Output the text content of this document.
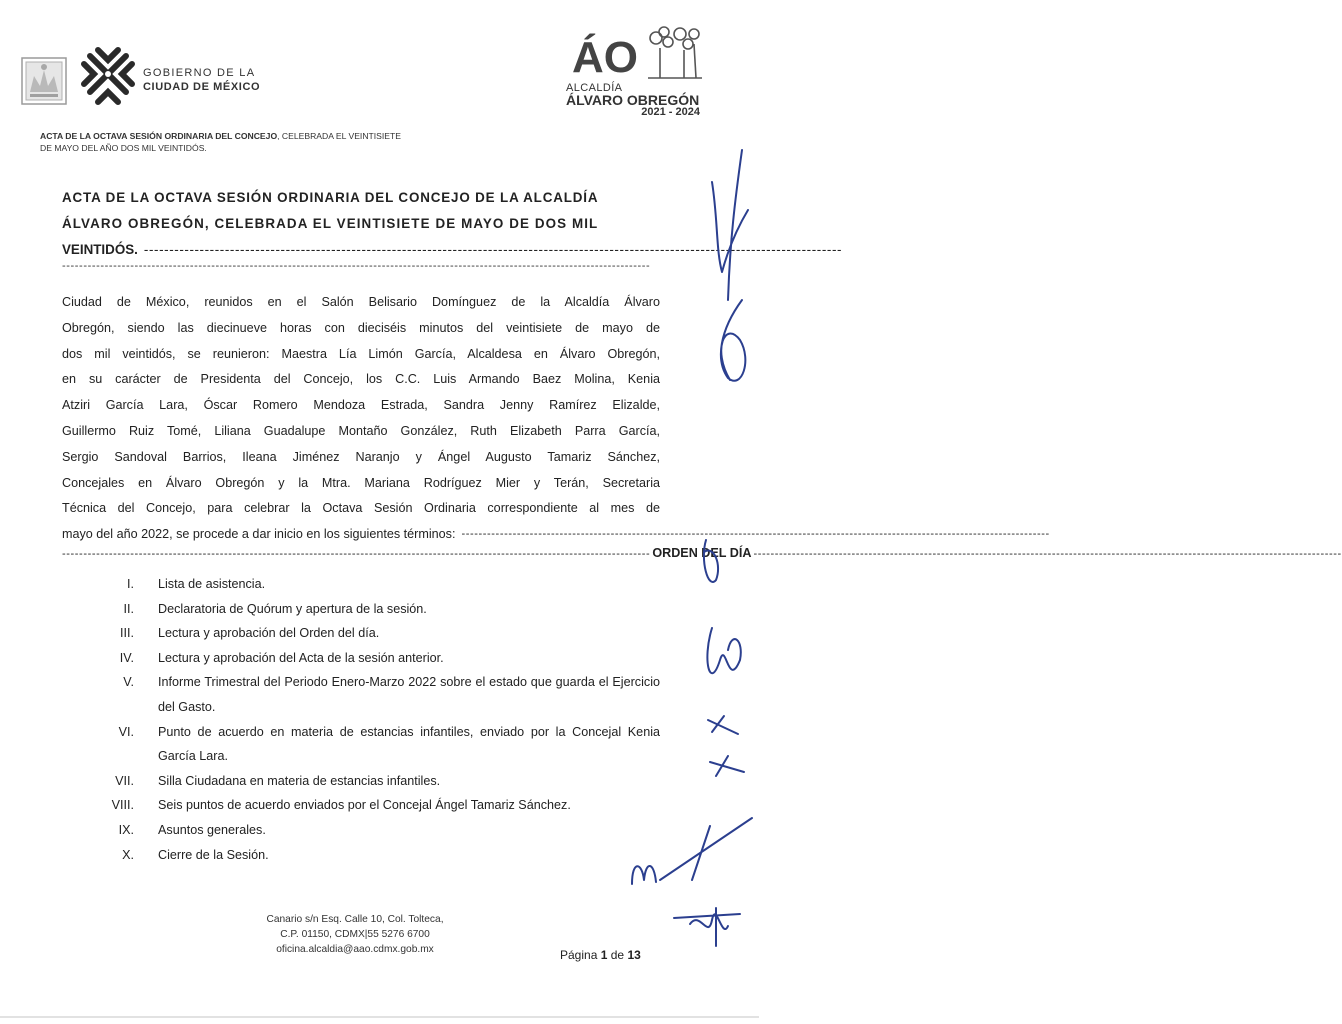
GOBIERNO DE LA
CIUDAD DE MÉXICO
ÁO
ALCALDÍA
ÁLVARO OBREGÓN
2021 - 2024
ACTA DE LA OCTAVA SESIÓN ORDINARIA DEL CONCEJO, CELEBRADA EL VEINTISIETE
DE MAYO DEL AÑO DOS MIL VEINTIDÓS.
ACTA DE LA OCTAVA SESIÓN ORDINARIA DEL CONCEJO DE LA ALCALDÍA
ÁLVARO OBREGÓN, CELEBRADA EL VEINTISIETE DE MAYO DE DOS MIL
VEINTIDÓS. ------------------------------------------------------------------------------------------------------------------------------------------
------------------------------------------------------------------------------------------------------------------------------------------
Ciudad de México, reunidos en el Salón Belisario Domínguez de la Alcaldía Álvaro
Obregón, siendo las diecinueve horas con dieciséis minutos del veintisiete de mayo de
dos mil veintidós, se reunieron: Maestra Lía Limón García, Alcaldesa en Álvaro Obregón,
en su carácter de Presidenta del Concejo, los C.C. Luis Armando Baez Molina, Kenia
Atziri García Lara, Óscar Romero Mendoza Estrada, Sandra Jenny Ramírez Elizalde,
Guillermo Ruiz Tomé, Liliana Guadalupe Montaño González, Ruth Elizabeth Parra García,
Sergio Sandoval Barrios, Ileana Jiménez Naranjo y Ángel Augusto Tamariz Sánchez,
Concejales en Álvaro Obregón y la Mtra. Mariana Rodríguez Mier y Terán, Secretaria
Técnica del Concejo, para celebrar la Octava Sesión Ordinaria correspondiente al mes de
mayo del año 2022, se procede a dar inicio en los siguientes términos: ------------------------------------------------------------------------------------------------------------------------------------------
------------------------------------------------------------------------------------------------------------------------------------------ ORDEN DEL DÍA ------------------------------------------------------------------------------------------------------------------------------------------
I.	Lista de asistencia.
II.	Declaratoria de Quórum y apertura de la sesión.
III.	Lectura y aprobación del Orden del día.
IV.	Lectura y aprobación del Acta de la sesión anterior.
V.	Informe Trimestral del Periodo Enero-Marzo 2022 sobre el estado que guarda el Ejercicio del Gasto.
VI.	Punto de acuerdo en materia de estancias infantiles, enviado por la Concejal Kenia García Lara.
VII.	Silla Ciudadana en materia de estancias infantiles.
VIII.	Seis puntos de acuerdo enviados por el Concejal Ángel Tamariz Sánchez.
IX.	Asuntos generales.
X.	Cierre de la Sesión.
Canario s/n Esq. Calle 10, Col. Tolteca,
C.P. 01150, CDMX|55 5276 6700
oficina.alcaldia@aao.cdmx.gob.mx	Página 1 de 13
